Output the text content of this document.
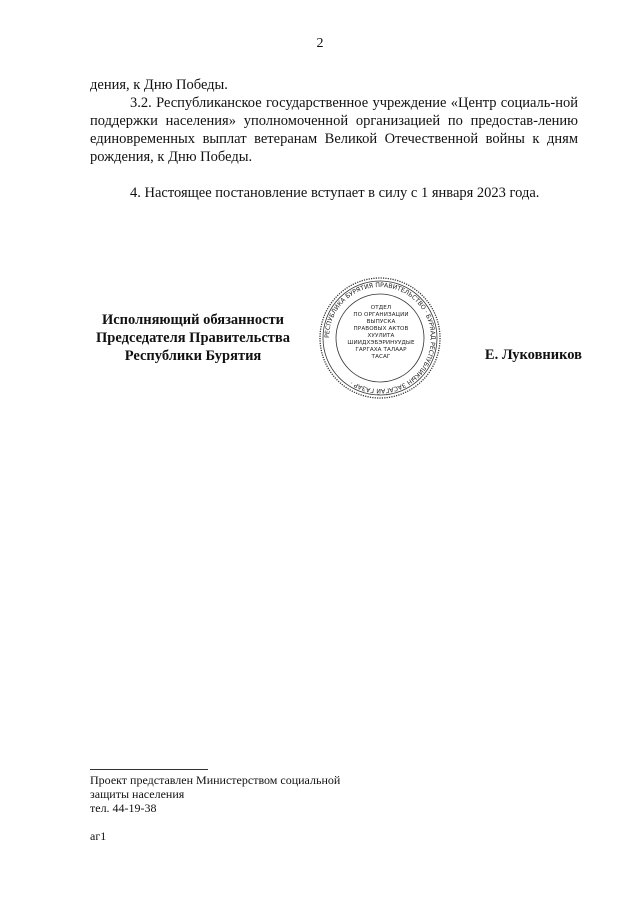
2

дения, к Дню Победы.

3.2. Республиканское государственное учреждение «Центр социаль-ной поддержки населения» уполномоченной организацией по предостав-лению единовременных выплат ветеранам Великой Отечественной войны к дням рождения, к Дню Победы.

4. Настоящее постановление вступает в силу с 1 января 2023 года.

Исполняющий обязанности
Председателя Правительства
Республики Бурятия
РЕСПУБЛИКА БУРЯТИЯ ПРАВИТЕЛЬСТВО · БУРЯАД РЕСПУБЛИКЫН ЗАСАГАЙ ГАЗАР ·
ОТДЕЛ
ПО ОРГАНИЗАЦИИ
ВЫПУСКА
ПРАВОВЫХ АКТОВ
ХУУЛИТА
ШИИДХЭБЭРИНУУДЫЕ
ГАРГАХА ТАЛААР
ТАСАГ	Е. Луковников
Проект представлен Министерством социальной
защиты населения
тел. 44-19-38
аг1
